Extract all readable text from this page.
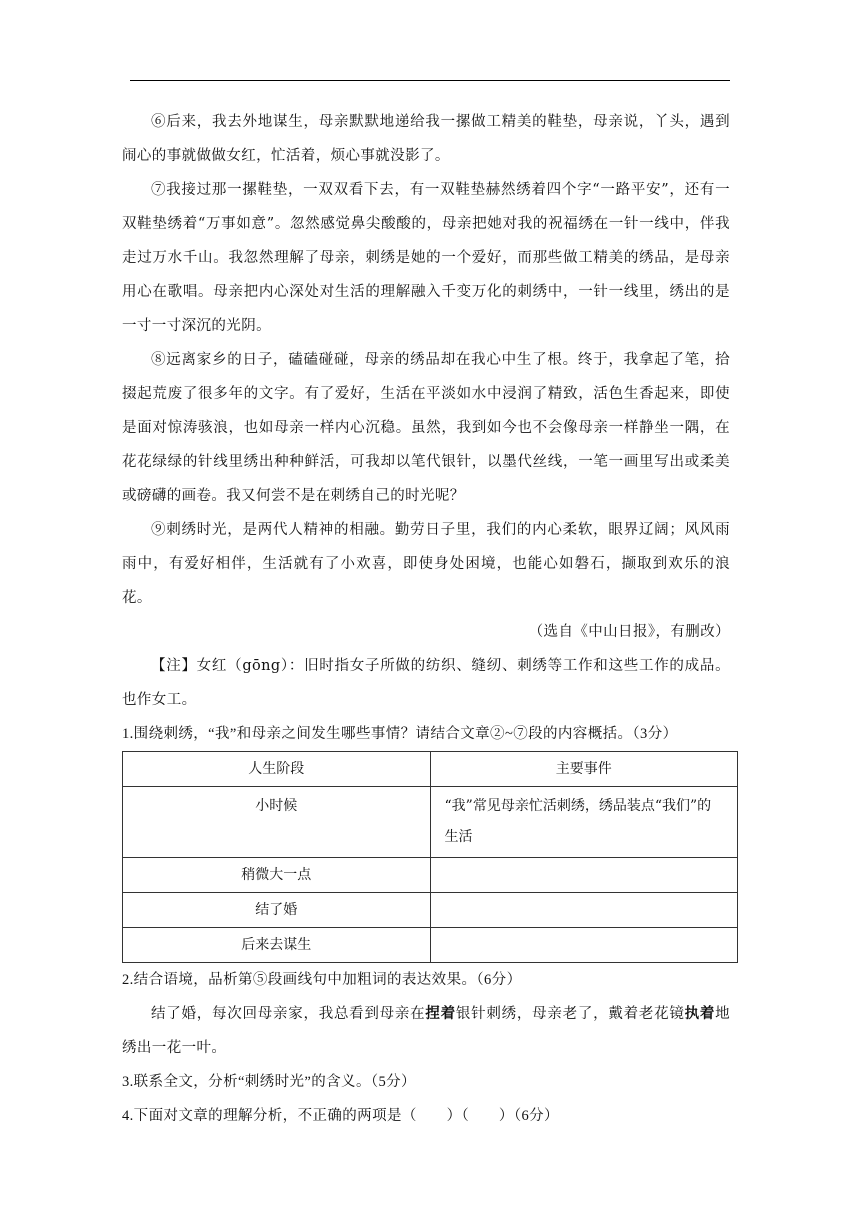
⑥后来，我去外地谋生，母亲默默地递给我一摞做工精美的鞋垫，母亲说，丫头，遇到闹心的事就做做女红，忙活着，烦心事就没影了。

⑦我接过那一摞鞋垫，一双双看下去，有一双鞋垫赫然绣着四个字“一路平安”，还有一双鞋垫绣着“万事如意”。忽然感觉鼻尖酸酸的，母亲把她对我的祝福绣在一针一线中，伴我走过万水千山。我忽然理解了母亲，刺绣是她的一个爱好，而那些做工精美的绣品，是母亲用心在歌唱。母亲把内心深处对生活的理解融入千变万化的刺绣中，一针一线里，绣出的是一寸一寸深沉的光阴。

⑧远离家乡的日子，磕磕碰碰，母亲的绣品却在我心中生了根。终于，我拿起了笔，拾掇起荒废了很多年的文字。有了爱好，生活在平淡如水中浸润了精致，活色生香起来，即使是面对惊涛骇浪，也如母亲一样内心沉稳。虽然，我到如今也不会像母亲一样静坐一隅，在花花绿绿的针线里绣出种种鲜活，可我却以笔代银针，以墨代丝线，一笔一画里写出或柔美或磅礴的画卷。我又何尝不是在刺绣自己的时光呢？

⑨刺绣时光，是两代人精神的相融。勤劳日子里，我们的内心柔软，眼界辽阔；风风雨雨中，有爱好相伴，生活就有了小欢喜，即使身处困境，也能心如磐石，撷取到欢乐的浪花。

（选自《中山日报》，有删改）

【注】女红（gōng）：旧时指女子所做的纺织、缝纫、刺绣等工作和这些工作的成品。也作女工。

1.围绕刺绣，“我”和母亲之间发生哪些事情？请结合文章②~⑦段的内容概括。（3分）

人生阶段	主要事件
小时候	“我”常见母亲忙活刺绣，绣品装点“我们”的生活
稍微大一点	
结了婚	
后来去谋生	

2.结合语境，品析第⑤段画线句中加粗词的表达效果。（6分）

结了婚，每次回母亲家，我总看到母亲在捏着银针刺绣，母亲老了，戴着老花镜执着地绣出一花一叶。

3.联系全文，分析“刺绣时光”的含义。（5分）

4.下面对文章的理解分析，不正确的两项是（　　）（　　）（6分）
